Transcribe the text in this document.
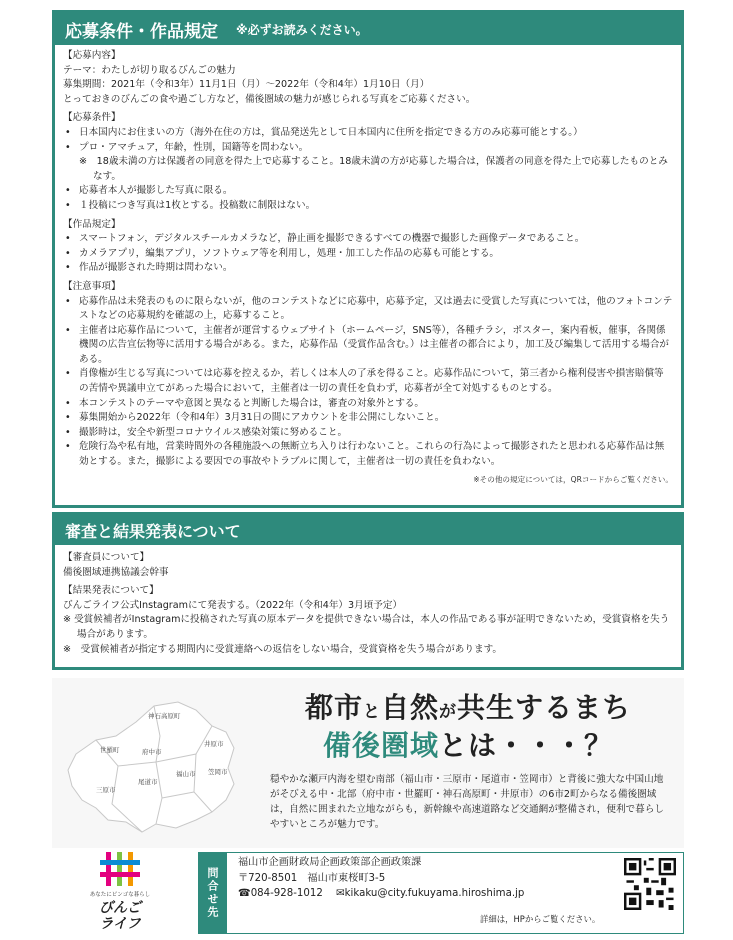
応募条件・作品規定 ※必ずお読みください。
【応募内容】
テーマ：わたしが切り取るびんごの魅力
募集期間：2021年（令和3年）11月1日（月）～2022年（令和4年）1月10日（月）
とっておきのびんごの食や過ごし方など，備後圏域の魅力が感じられる写真をご応募ください。
【応募条件】
• 日本国内にお住まいの方（海外在住の方は，賞品発送先として日本国内に住所を指定できる方のみ応募可能とする。）
• プロ・アマチュア，年齢，性別，国籍等を問わない。
※　18歳未満の方は保護者の同意を得た上で応募すること。18歳未満の方が応募した場合は，保護者の同意を得た上で応募したものとみなす。
• 応募者本人が撮影した写真に限る。
• １投稿につき写真は1枚とする。投稿数に制限はない。
【作品規定】
• スマートフォン，デジタルスチールカメラなど，静止画を撮影できるすべての機器で撮影した画像データであること。
• カメラアプリ，編集アプリ，ソフトウェア等を利用し，処理・加工した作品の応募も可能とする。
• 作品が撮影された時期は問わない。
【注意事項】
• 応募作品は未発表のものに限らないが，他のコンテストなどに応募中，応募予定，又は過去に受賞した写真については，他のフォトコンテストなどの応募規約を確認の上，応募すること。
• 主催者は応募作品について，主催者が運営するウェブサイト（ホームページ，SNS等），各種チラシ，ポスター，案内看板，催事，各関係機関の広告宣伝物等に活用する場合がある。また，応募作品（受賞作品含む。）は主催者の都合により，加工及び編集して活用する場合がある。
• 肖像権が生じる写真については応募を控えるか，若しくは本人の了承を得ること。応募作品について，第三者から権利侵害や損害賠償等の苦情や異議申立てがあった場合において，主催者は一切の責任を負わず，応募者が全て対処するものとする。
• 本コンテストのテーマや意図と異なると判断した場合は，審査の対象外とする。
• 募集開始から2022年（令和4年）3月31日の間にアカウントを非公開にしないこと。
• 撮影時は，安全や新型コロナウイルス感染対策に努めること。
• 危険行為や私有地，営業時間外の各種施設への無断立ち入りは行わないこと。これらの行為によって撮影されたと思われる応募作品は無効とする。また，撮影による要因での事故やトラブルに関して，主催者は一切の責任を負わない。
※その他の規定については，QRコードからご覧ください。
審査と結果発表について
【審査員について】
備後圏域連携協議会幹事
【結果発表について】
びんごライフ公式Instagramにて発表する。（2022年（令和4年）3月頃予定）
※ 受賞候補者がInstagramに投稿された写真の原本データを提供できない場合は，本人の作品である事が証明できないため，受賞資格を失う場合があります。
※　受賞候補者が指定する期間内に受賞連絡への返信をしない場合，受賞資格を失う場合があります。
神石高原町
世羅町	府中市
井原市
三原市
尾道市
福山市 笠岡市
都市と自然が共生するまち
備後圏域とは・・・？
穏やかな瀬戸内海を望む南部（福山市・三原市・尾道市・笠岡市）と背後に強大な中国山地がそびえる中・北部（府中市・世羅町・神石高原町・井原市）の6市2町からなる備後圏域は，自然に囲まれた立地ながらも，新幹線や高速道路など交通網が整備され，便利で暮らしやすいところが魅力です。
あなたにビンゴな暮らし
びんご
ライフ
問合せ先
福山市企画財政局企画政策部企画政策課
〒720-8501　福山市東桜町3-5
☎084-928-1012 ✉kikaku@city.fukuyama.hiroshima.jp
詳細は，HPからご覧ください。
